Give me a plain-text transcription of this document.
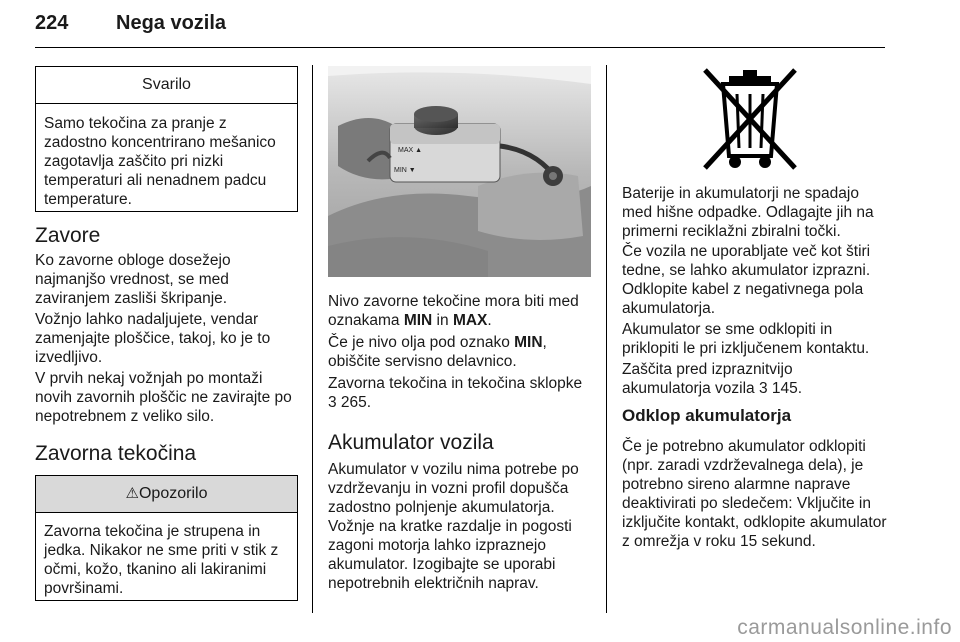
224 Nega vozila
Svarilo
Samo tekočina za pranje z zadostno koncentrirano mešanico zagotavlja zaščito pri nizki temperaturi ali nenadnem padcu temperature.
Zavore

Ko zavorne obloge dosežejo najmanjšo vrednost, se med zaviranjem zasliši škripanje.

Vožnjo lahko nadaljujete, vendar zamenjajte ploščice, takoj, ko je to izvedljivo.

V prvih nekaj vožnjah po montaži novih zavornih ploščic ne zavirajte po nepotrebnem z veliko silo.

Zavorna tekočina
⚠Opozorilo
Zavorna tekočina je strupena in jedka. Nikakor ne sme priti v stik z očmi, kožo, tkanino ali lakiranimi površinami.
MAX ▲
MIN ▼

Nivo zavorne tekočine mora biti med oznakama MIN in MAX.

Če je nivo olja pod oznako MIN, obiščite servisno delavnico.

Zavorna tekočina in tekočina sklopke 3 265.

Akumulator vozila

Akumulator v vozilu nima potrebe po vzdrževanju in vozni profil dopušča zadostno polnjenje akumulatorja. Vožnje na kratke razdalje in pogosti zagoni motorja lahko izpraznejo akumulator. Izogibajte se uporabi nepotrebnih električnih naprav.

Baterije in akumulatorji ne spadajo med hišne odpadke. Odlagajte jih na primerni reciklažni zbiralni točki.

Če vozila ne uporabljate več kot štiri tedne, se lahko akumulator izprazni. Odklopite kabel z negativnega pola akumulatorja.

Akumulator se sme odklopiti in priklopiti le pri izključenem kontaktu.

Zaščita pred izpraznitvijo akumulatorja vozila 3 145.

Odklop akumulatorja

Če je potrebno akumulator odklopiti (npr. zaradi vzdrževalnega dela), je potrebno sireno alarmne naprave deaktivirati po sledečem: Vključite in izključite kontakt, odklopite akumulator z omrežja v roku 15 sekund.

carmanualsonline.info
